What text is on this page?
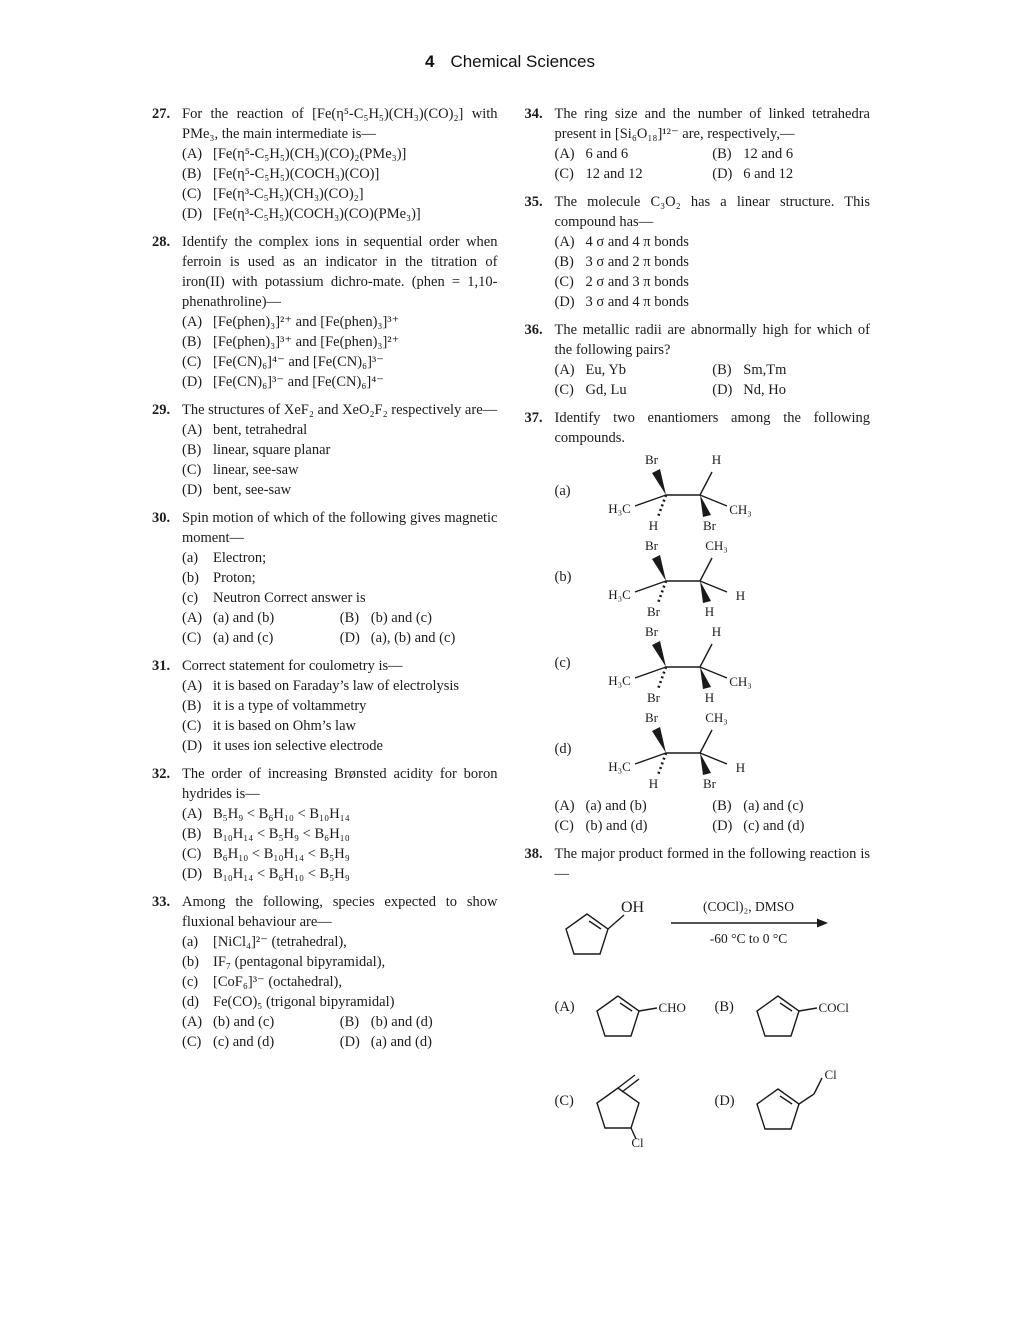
4 Chemical Sciences
27. For the reaction of [Fe(η⁵-C₅H₅)(CH₃)(CO)₂] with PMe₃, the main intermediate is—
(A) [Fe(η⁵-C₅H₅)(CH₃)(CO)₂(PMe₃)]
(B) [Fe(η⁵-C₅H₅)(COCH₃)(CO)]
(C) [Fe(η³-C₅H₅)(CH₃)(CO)₂]
(D) [Fe(η³-C₅H₅)(COCH₃)(CO)(PMe₃)]
28. Identify the complex ions in sequential order when ferroin is used as an indicator in the titration of iron(II) with potassium dichro-mate. (phen = 1,10-phenathroline)—
(A) [Fe(phen)₃]²⁺ and [Fe(phen)₃]³⁺
(B) [Fe(phen)₃]³⁺ and [Fe(phen)₃]²⁺
(C) [Fe(CN)₆]⁴⁻ and [Fe(CN)₆]³⁻
(D) [Fe(CN)₆]³⁻ and [Fe(CN)₆]⁴⁻
29. The structures of XeF₂ and XeO₂F₂ respectively are—
(A) bent, tetrahedral
(B) linear, square planar
(C) linear, see-saw
(D) bent, see-saw
30. Spin motion of which of the following gives magnetic moment—
(a)	Electron;
(b) Proton;
(c)	Neutron Correct answer is
(A) (a) and (b)	(B) (b) and (c)
(C) (a) and (c)	(D) (a), (b) and (c)
31. Correct statement for coulometry is—
(A) it is based on Faraday’s law of electrolysis
(B) it is a type of voltammetry
(C) it is based on Ohm’s law
(D) it uses ion selective electrode
32. The order of increasing Brønsted acidity for boron hydrides is—
(A) B₅H₉ < B₆H₁₀ < B₁₀H₁₄
(B) B₁₀H₁₄ < B₅H₉ < B₆H₁₀
(C) B₆H₁₀ < B₁₀H₁₄ < B₅H₉
(D) B₁₀H₁₄ < B₆H₁₀ < B₅H₉
33. Among the following, species expected to show fluxional behaviour are—
(a)	[NiCl₄]²⁻ (tetrahedral),
(b) IF₇ (pentagonal bipyramidal),
(c)	[CoF₆]³⁻ (octahedral),
(d) Fe(CO)₅ (trigonal bipyramidal)
(A) (b) and (c)	(B) (b) and (d)
(C) (c) and (d)	(D) (a) and (d)
34. The ring size and the number of linked tetrahedra present in [Si₆O₁₈]¹²⁻ are, respectively,—
(A) 6 and 6	(B) 12 and 6
(C) 12 and 12	(D) 6 and 12
35. The molecule C₃O₂ has a linear structure. This compound has—
(A) 4 σ and 4 π bonds
(B) 3 σ and 2 π bonds
(C) 2 σ and 3 π bonds
(D) 3 σ and 4 π bonds
36. The metallic radii are abnormally high for which of the following pairs?
(A) Eu, Yb	(B) Sm,Tm
(C) Gd, Lu	(D) Nd, Ho
37. Identify two enantiomers among the following compounds.
(a)
Br	H
H₃C	CH₃
H	Br
(b)
Br	CH₃
H₃C	H
Br	H
(c)
Br	H
H₃C	CH₃
Br	H
(d)
Br	CH₃
H₃C	H
H	Br
(A) (a) and (b)	(B) (a) and (c)
(C) (b) and (d)	(D) (c) and (d)
38. The major product formed in the following reaction is—
OH	(COCl)₂, DMSO
-60 °C to 0 °C
(A)	CHO (B)	COCl
(C)
Cl
(D)
Cl
